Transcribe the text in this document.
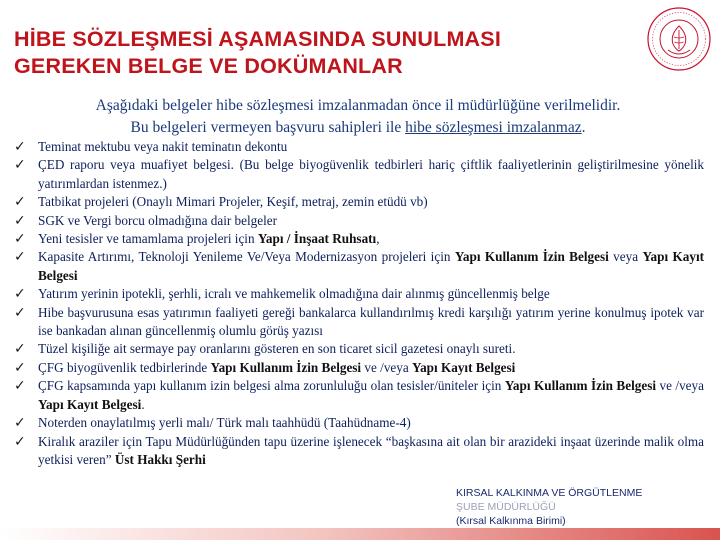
HİBE SÖZLEŞMESİ AŞAMASINDA SUNULMASI
GEREKEN BELGE VE DOKÜMANLAR

Aşağıdaki belgeler hibe sözleşmesi imzalanmadan önce il müdürlüğüne verilmelidir.
Bu belgeleri vermeyen başvuru sahipleri ile hibe sözleşmesi imzalanmaz.

✓ Teminat mektubu veya nakit teminatın dekontu
✓ ÇED raporu veya muafiyet belgesi. (Bu belge biyogüvenlik tedbirleri hariç çiftlik faaliyetlerinin geliştirilmesine yönelik yatırımlardan istenmez.)
✓ Tatbikat projeleri (Onaylı Mimari Projeler, Keşif, metraj, zemin etüdü vb)
✓ SGK ve Vergi borcu olmadığına dair belgeler
✓ Yeni tesisler ve tamamlama projeleri için Yapı / İnşaat Ruhsatı,
✓ Kapasite Artırımı, Teknoloji Yenileme Ve/Veya Modernizasyon projeleri için Yapı Kullanım İzin Belgesi veya Yapı Kayıt Belgesi
✓ Yatırım yerinin ipotekli, şerhli, icralı ve mahkemelik olmadığına dair alınmış güncellenmiş belge
✓ Hibe başvurusuna esas yatırımın faaliyeti gereği bankalarca kullandırılmış kredi karşılığı yatırım yerine konulmuş ipotek var ise bankadan alınan güncellenmiş olumlu görüş yazısı
✓ Tüzel kişiliğe ait sermaye pay oranlarını gösteren en son ticaret sicil gazetesi onaylı sureti.
✓ ÇFG biyogüvenlik tedbirlerinde Yapı Kullanım İzin Belgesi ve /veya Yapı Kayıt Belgesi
✓ ÇFG kapsamında yapı kullanım izin belgesi alma zorunluluğu olan tesisler/üniteler için Yapı Kullanım İzin Belgesi ve /veya Yapı Kayıt Belgesi.
✓ Noterden onaylatılmış yerli malı/ Türk malı taahhüdü (Taahüdname-4)
✓ Kiralık araziler için Tapu Müdürlüğünden tapu üzerine işlenecek “başkasına ait olan bir arazideki inşaat üzerinde malik olma yetkisi veren” Üst Hakkı Şerhi
KIRSAL KALKINMA VE ÖRGÜTLENME
ŞUBE MÜDÜRLÜĞÜ
(Kırsal Kalkınma Birimi)
